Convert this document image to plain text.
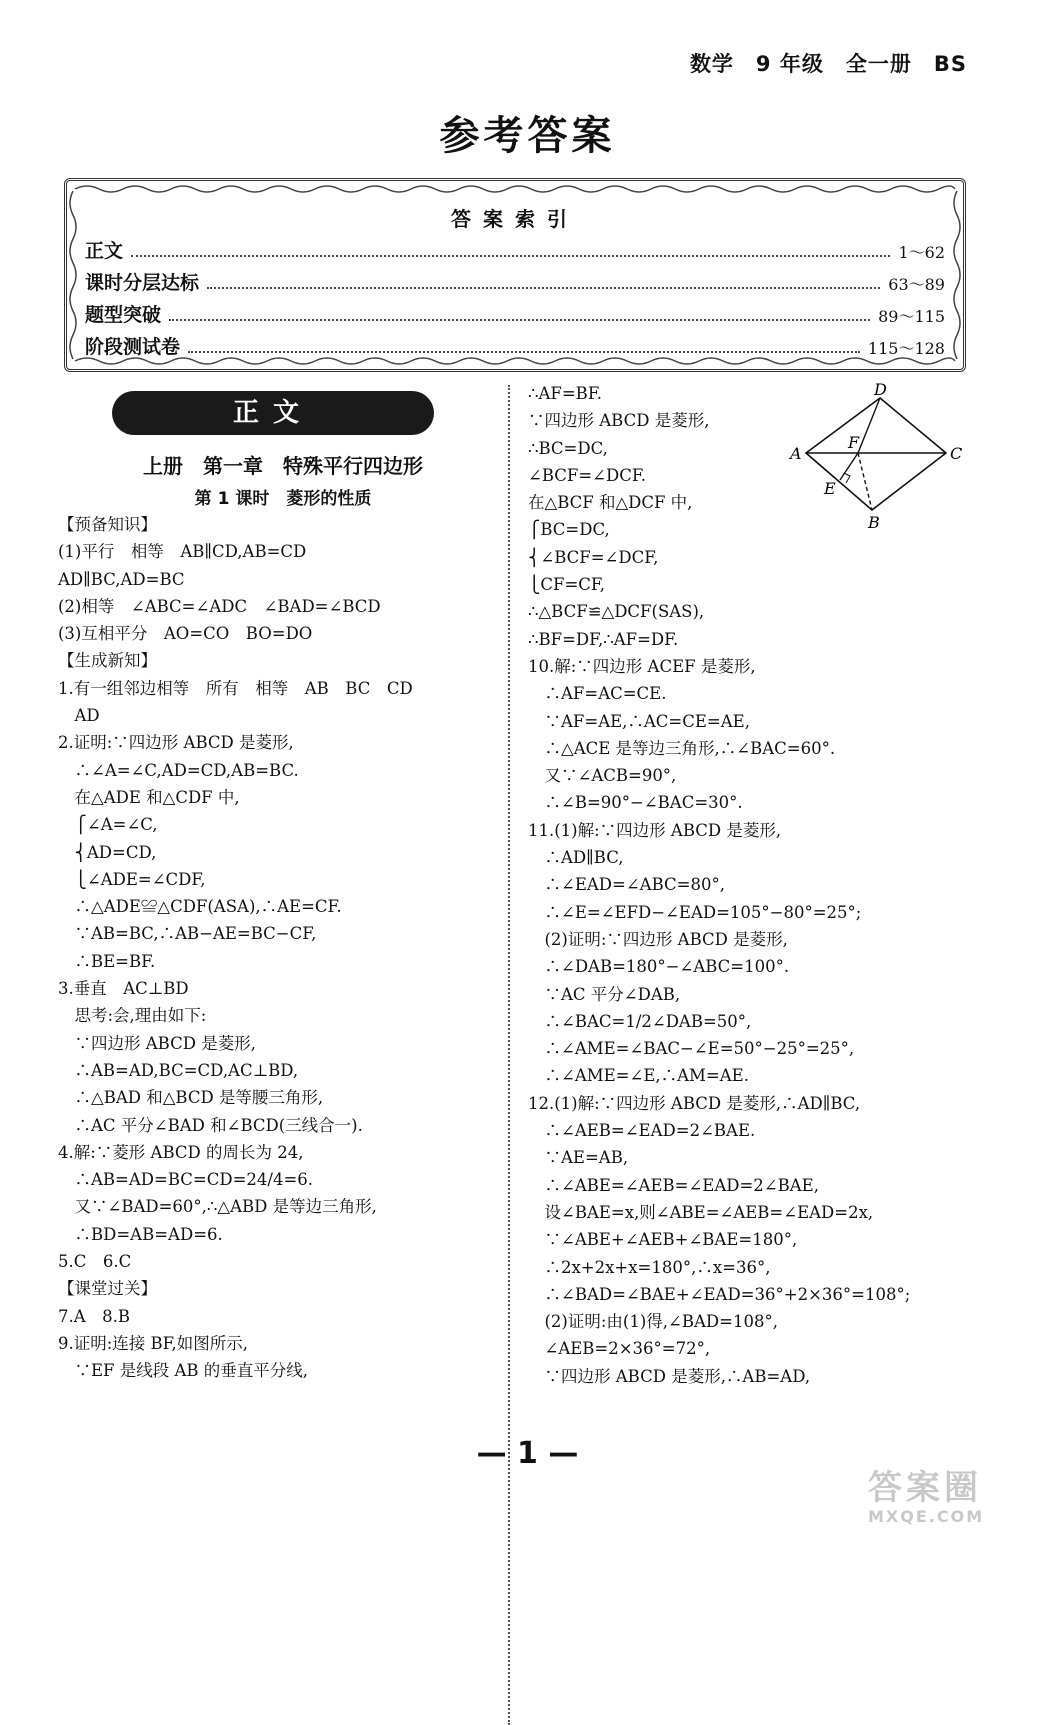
数学　9 年级　全一册　BS
参考答案
答案索引
正文	1～62
课时分层达标	63～89
题型突破	89～115
阶段测试卷	115～128
正文
上册　第一章　特殊平行四边形
第 1 课时　菱形的性质
【预备知识】
(1)平行　相等　AB∥CD,AB=CD
AD∥BC,AD=BC
(2)相等　∠ABC=∠ADC　∠BAD=∠BCD
(3)互相平分　AO=CO　BO=DO
【生成新知】
1.有一组邻边相等　所有　相等　AB　BC　CD
　AD
2.证明:∵四边形 ABCD 是菱形,
　∴∠A=∠C,AD=CD,AB=BC.
　在△ADE 和△CDF 中,
　⎧∠A=∠C,
　⎨AD=CD,
　⎩∠ADE=∠CDF,
　∴△ADE≌△CDF(ASA),∴AE=CF.
　∵AB=BC,∴AB−AE=BC−CF,
　∴BE=BF.
3.垂直　AC⊥BD
　思考:会,理由如下:
　∵四边形 ABCD 是菱形,
　∴AB=AD,BC=CD,AC⊥BD,
　∴△BAD 和△BCD 是等腰三角形,
　∴AC 平分∠BAD 和∠BCD(三线合一).
4.解:∵菱形 ABCD 的周长为 24,
　∴AB=AD=BC=CD=24/4=6.
　又∵∠BAD=60°,∴△ABD 是等边三角形,
　∴BD=AB=AD=6.
5.C　6.C
【课堂过关】
7.A　8.B
9.证明:连接 BF,如图所示,
　∵EF 是线段 AB 的垂直平分线,
∴AF=BF.
∵四边形 ABCD 是菱形,
∴BC=DC,
∠BCF=∠DCF.
在△BCF 和△DCF 中,
⎧BC=DC,
⎨∠BCF=∠DCF,
⎩CF=CF,
∴△BCF≌△DCF(SAS),
∴BF=DF,∴AF=DF.
10.解:∵四边形 ACEF 是菱形,
　∴AF=AC=CE.
　∵AF=AE,∴AC=CE=AE,
　∴△ACE 是等边三角形,∴∠BAC=60°.
　又∵∠ACB=90°,
　∴∠B=90°−∠BAC=30°.
11.(1)解:∵四边形 ABCD 是菱形,
　∴AD∥BC,
　∴∠EAD=∠ABC=80°,
　∴∠E=∠EFD−∠EAD=105°−80°=25°;
　(2)证明:∵四边形 ABCD 是菱形,
　∴∠DAB=180°−∠ABC=100°.
　∵AC 平分∠DAB,
　∴∠BAC=1/2∠DAB=50°,
　∴∠AME=∠BAC−∠E=50°−25°=25°,
　∴∠AME=∠E,∴AM=AE.
12.(1)解:∵四边形 ABCD 是菱形,∴AD∥BC,
　∴∠AEB=∠EAD=2∠BAE.
　∵AE=AB,
　∴∠ABE=∠AEB=∠EAD=2∠BAE,
　设∠BAE=x,则∠ABE=∠AEB=∠EAD=2x,
　∵∠ABE+∠AEB+∠BAE=180°,
　∴2x+2x+x=180°,∴x=36°,
　∴∠BAD=∠BAE+∠EAD=36°+2×36°=108°;
　(2)证明:由(1)得,∠BAD=108°,
　∠AEB=2×36°=72°,
　∵四边形 ABCD 是菱形,∴AB=AD,
A
D
C
B
E
F
— 1 —
答案圈
MXQE.COM
